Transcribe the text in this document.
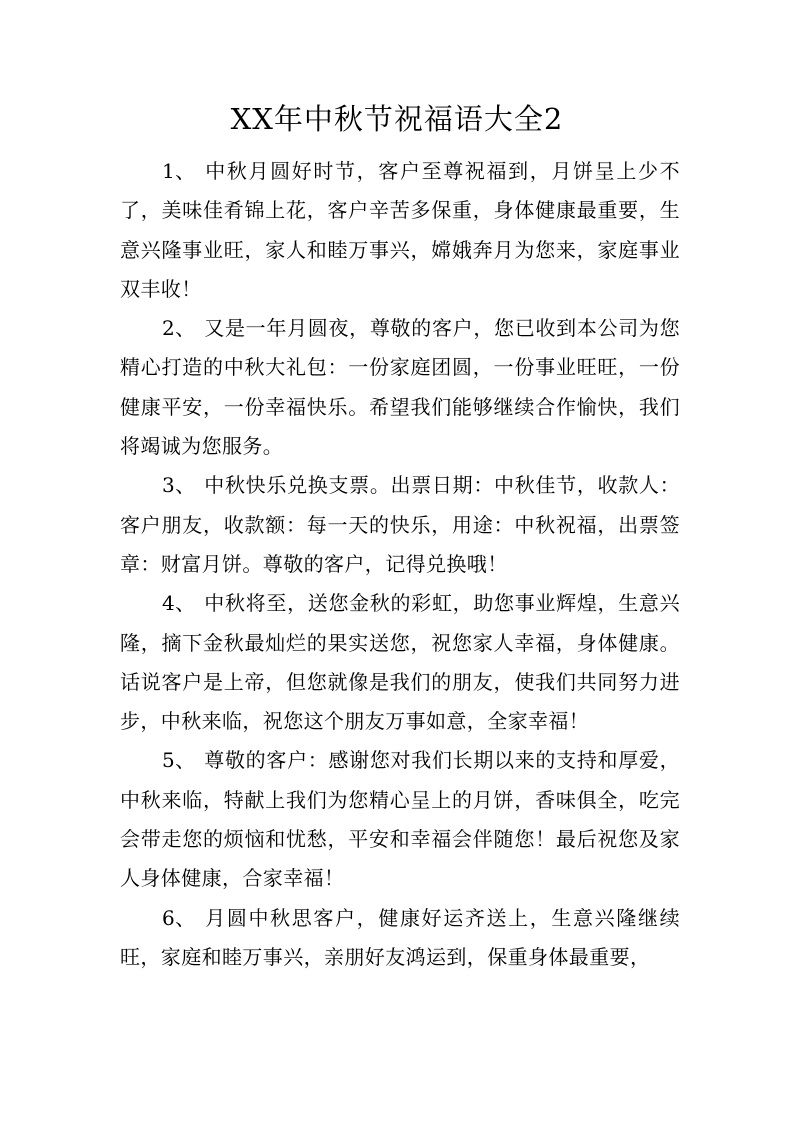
XX年中秋节祝福语大全2

1、 中秋月圆好时节，客户至尊祝福到，月饼呈上少不了，美味佳肴锦上花，客户辛苦多保重，身体健康最重要，生意兴隆事业旺，家人和睦万事兴，嫦娥奔月为您来，家庭事业双丰收！

2、 又是一年月圆夜，尊敬的客户，您已收到本公司为您精心打造的中秋大礼包：一份家庭团圆，一份事业旺旺，一份健康平安，一份幸福快乐。希望我们能够继续合作愉快，我们将竭诚为您服务。

3、 中秋快乐兑换支票。出票日期：中秋佳节，收款人：客户朋友，收款额：每一天的快乐，用途：中秋祝福，出票签章：财富月饼。尊敬的客户，记得兑换哦！

4、 中秋将至，送您金秋的彩虹，助您事业辉煌，生意兴隆，摘下金秋最灿烂的果实送您，祝您家人幸福，身体健康。话说客户是上帝，但您就像是我们的朋友，使我们共同努力进步，中秋来临，祝您这个朋友万事如意，全家幸福！

5、 尊敬的客户：感谢您对我们长期以来的支持和厚爱，中秋来临，特献上我们为您精心呈上的月饼，香味俱全，吃完会带走您的烦恼和忧愁，平安和幸福会伴随您！最后祝您及家人身体健康，合家幸福！

6、 月圆中秋思客户，健康好运齐送上，生意兴隆继续旺，家庭和睦万事兴，亲朋好友鸿运到，保重身体最重要，
